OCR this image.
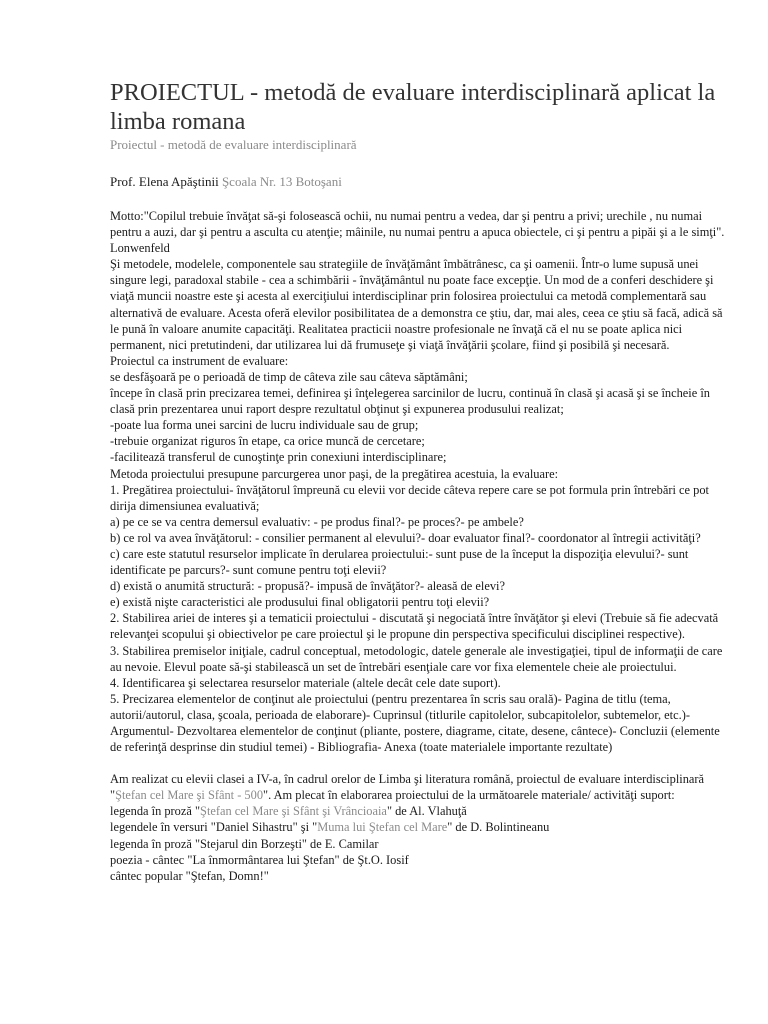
PROIECTUL - metodă de evaluare interdisciplinară aplicat la limba romana
Proiectul - metodă de evaluare interdisciplinară
Prof. Elena Apăştinii Şcoala Nr. 13 Botoşani

Motto:"Copilul trebuie învăţat să-şi folosească ochii, nu numai pentru a vedea, dar şi pentru a privi; urechile , nu numai pentru a auzi, dar şi pentru a asculta cu atenţie; mâinile, nu numai pentru a apuca obiectele, ci şi pentru a pipăi şi a le simţi". Lonwenfeld

Şi metodele, modelele, componentele sau strategiile de învăţământ îmbătrânesc, ca şi oamenii. Într-o lume supusă unei singure legi, paradoxal stabile - cea a schimbării - învăţământul nu poate face excepţie. Un mod de a conferi deschidere şi viaţă muncii noastre este şi acesta al exerciţiului interdisciplinar prin folosirea proiectului ca metodă complementară sau alternativă de evaluare. Acesta oferă elevilor posibilitatea de a demonstra ce ştiu, dar, mai ales, ceea ce ştiu să facă, adică să le pună în valoare anumite capacităţi. Realitatea practicii noastre profesionale ne învaţă că el nu se poate aplica nici permanent, nici pretutindeni, dar utilizarea lui dă frumuseţe şi viaţă învăţării şcolare, fiind şi posibilă şi necesară.

Proiectul ca instrument de evaluare:

se desfăşoară pe o perioadă de timp de câteva zile sau câteva săptămâni;

începe în clasă prin precizarea temei, definirea şi înţelegerea sarcinilor de lucru, continuă în clasă şi acasă şi se încheie în clasă prin prezentarea unui raport despre rezultatul obţinut şi expunerea produsului realizat;

-poate lua forma unei sarcini de lucru individuale sau de grup;

-trebuie organizat riguros în etape, ca orice muncă de cercetare;

-facilitează transferul de cunoştinţe prin conexiuni interdisciplinare;

Metoda proiectului presupune parcurgerea unor paşi, de la pregătirea acestuia, la evaluare:

1. Pregătirea proiectului- învăţătorul împreună cu elevii vor decide câteva repere care se pot formula prin întrebări ce pot dirija dimensiunea evaluativă;

a) pe ce se va centra demersul evaluativ: - pe produs final?- pe proces?- pe ambele?

b) ce rol va avea învăţătorul: - consilier permanent al elevului?- doar evaluator final?- coordonator al întregii activităţi?

c) care este statutul resurselor implicate în derularea proiectului:- sunt puse de la început la dispoziţia elevului?- sunt identificate pe parcurs?- sunt comune pentru toţi elevii?

d) există o anumită structură: - propusă?- impusă de învăţător?- aleasă de elevi?

e) există nişte caracteristici ale produsului final obligatorii pentru toţi elevii?

2. Stabilirea ariei de interes şi a tematicii proiectului - discutată şi negociată între învăţător şi elevi (Trebuie să fie adecvată relevanţei scopului şi obiectivelor pe care proiectul şi le propune din perspectiva specificului disciplinei respective).

3. Stabilirea premiselor iniţiale, cadrul conceptual, metodologic, datele generale ale investigaţiei, tipul de informaţii de care au nevoie. Elevul poate să-şi stabilească un set de întrebări esenţiale care vor fixa elementele cheie ale proiectului.

4. Identificarea şi selectarea resurselor materiale (altele decât cele date suport).

5. Precizarea elementelor de conţinut ale proiectului (pentru prezentarea în scris sau orală)- Pagina de titlu (tema, autorii/autorul, clasa, şcoala, perioada de elaborare)- Cuprinsul (titlurile capitolelor, subcapitolelor, subtemelor, etc.)- Argumentul- Dezvoltarea elementelor de conţinut (pliante, postere, diagrame, citate, desene, cântece)- Concluzii (elemente de referinţă desprinse din studiul temei) - Bibliografia- Anexa (toate materialele importante rezultate)

Am realizat cu elevii clasei a IV-a, în cadrul orelor de Limba şi literatura română, proiectul de evaluare interdisciplinară "Ştefan cel Mare şi Sfânt - 500". Am plecat în elaborarea proiectului de la următoarele materiale/ activităţi suport:

legenda în proză "Ştefan cel Mare şi Sfânt şi Vrâncioaia" de Al. Vlahuţă

legendele în versuri "Daniel Sihastru" şi "Muma lui Ştefan cel Mare" de D. Bolintineanu

legenda în proză "Stejarul din Borzeşti" de E. Camilar

poezia - cântec "La înmormântarea lui Ştefan" de Şt.O. Iosif

cântec popular "Ştefan, Domn!"
